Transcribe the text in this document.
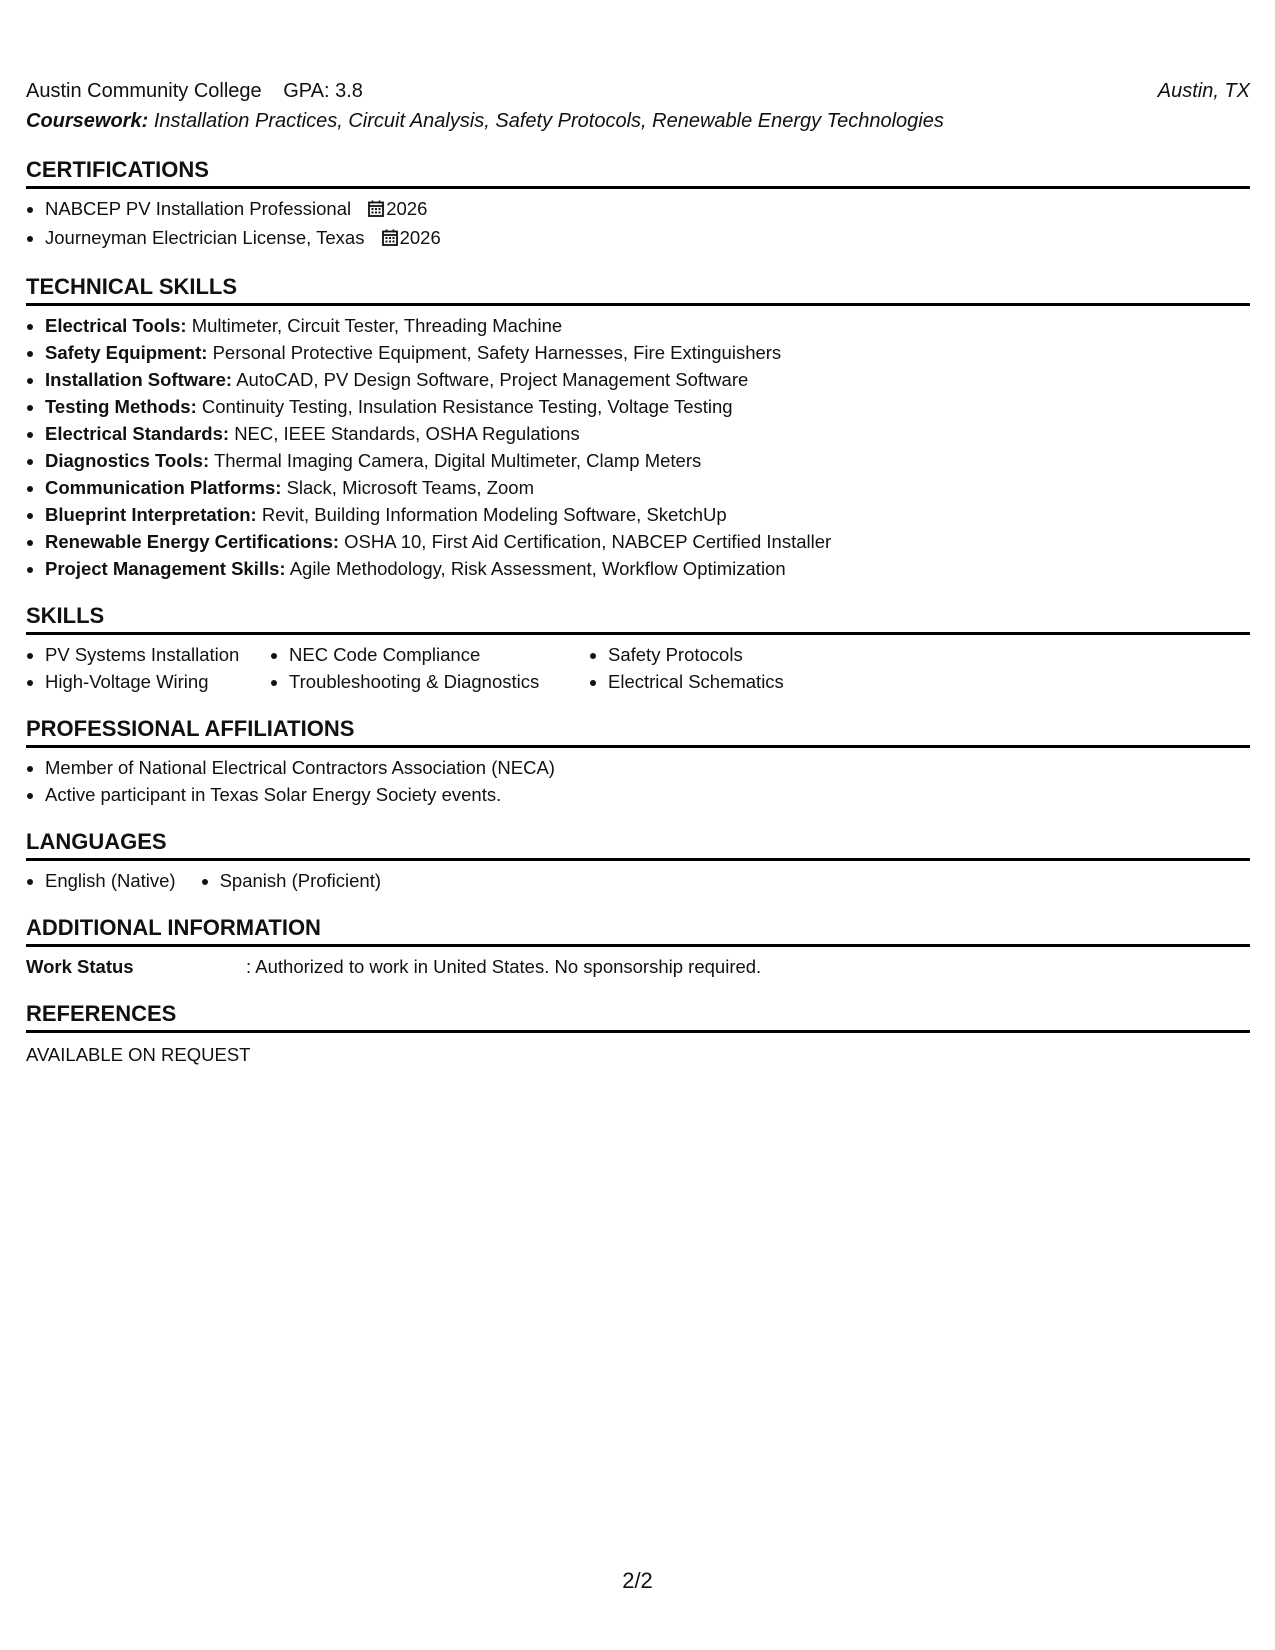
Austin Community College GPA: 3.8	Austin, TX
Coursework: Installation Practices, Circuit Analysis, Safety Protocols, Renewable Energy Technologies
CERTIFICATIONS
• NABCEP PV Installation Professional 2026
• Journeyman Electrician License, Texas 2026
TECHNICAL SKILLS
• Electrical Tools: Multimeter, Circuit Tester, Threading Machine
• Safety Equipment: Personal Protective Equipment, Safety Harnesses, Fire Extinguishers
• Installation Software: AutoCAD, PV Design Software, Project Management Software
• Testing Methods: Continuity Testing, Insulation Resistance Testing, Voltage Testing
• Electrical Standards: NEC, IEEE Standards, OSHA Regulations
• Diagnostics Tools: Thermal Imaging Camera, Digital Multimeter, Clamp Meters
• Communication Platforms: Slack, Microsoft Teams, Zoom
• Blueprint Interpretation: Revit, Building Information Modeling Software, SketchUp
• Renewable Energy Certifications: OSHA 10, First Aid Certification, NABCEP Certified Installer
• Project Management Skills: Agile Methodology, Risk Assessment, Workflow Optimization
SKILLS
• PV Systems Installation
• High-Voltage Wiring
• NEC Code Compliance
• Troubleshooting & Diagnostics
• Safety Protocols
• Electrical Schematics
PROFESSIONAL AFFILIATIONS
• Member of National Electrical Contractors Association (NECA)
• Active participant in Texas Solar Energy Society events.
LANGUAGES
• English (Native)
• Spanish (Proficient)
ADDITIONAL INFORMATION
Work Status	: Authorized to work in United States. No sponsorship required.
REFERENCES
AVAILABLE ON REQUEST
2/2
